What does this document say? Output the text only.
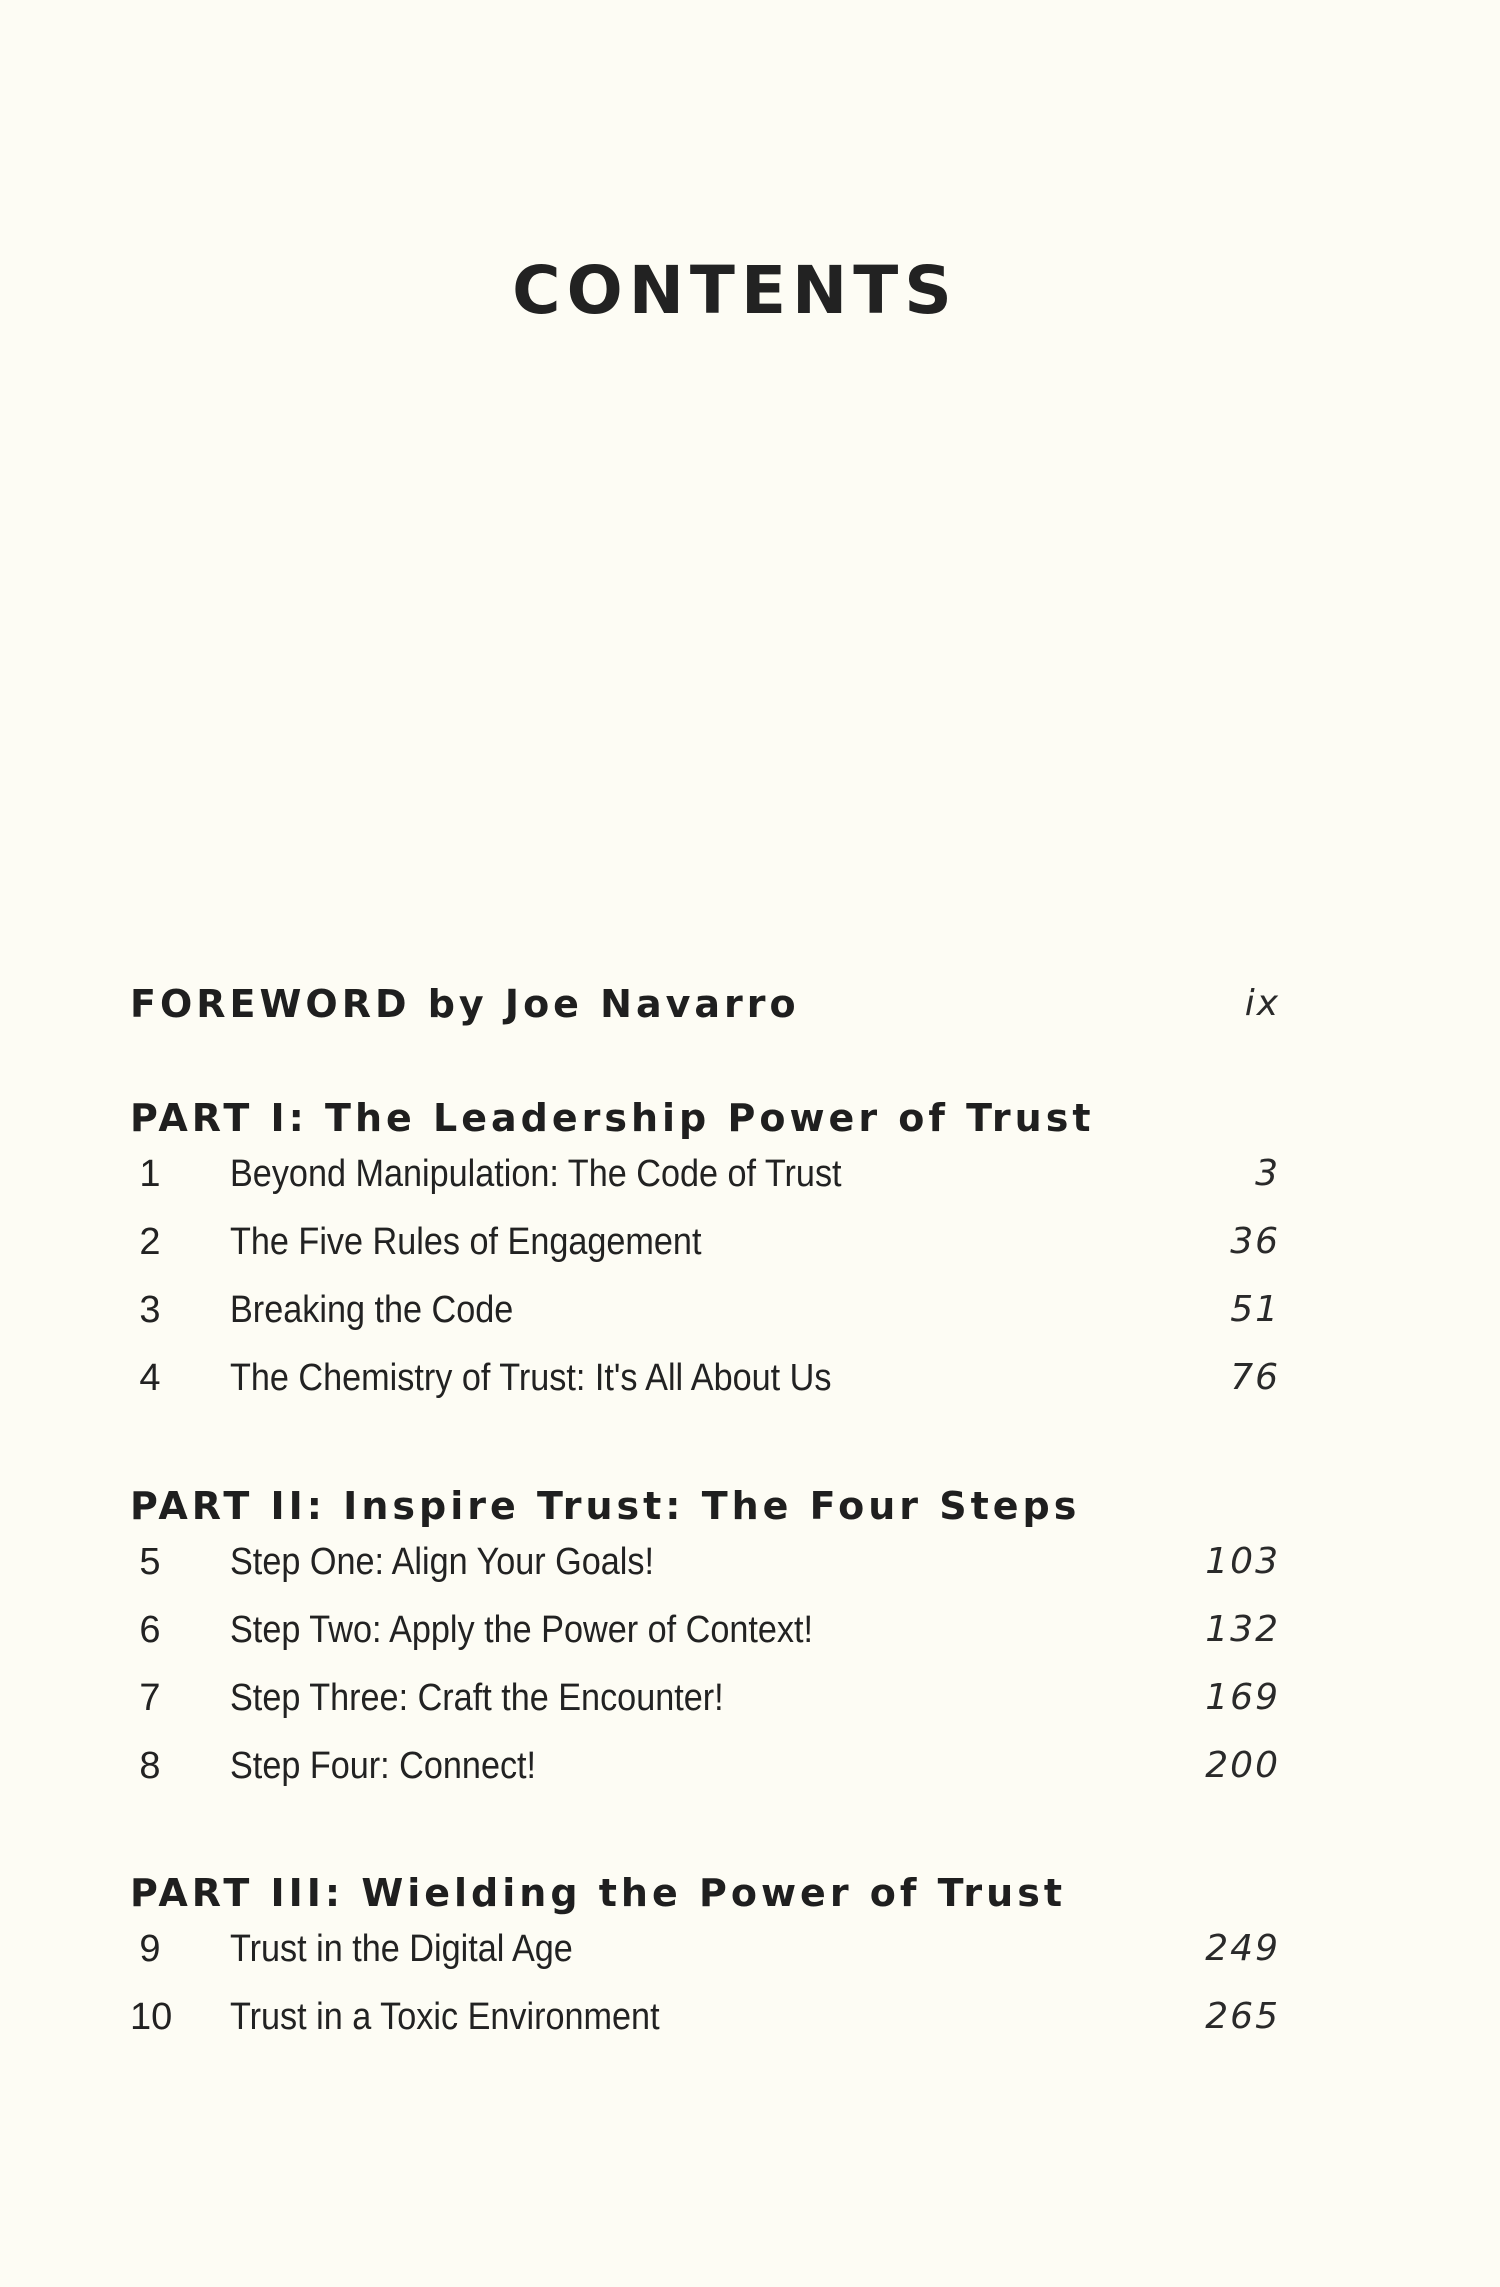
CONTENTS
FOREWORD by Joe Navarro	ix
PART I: The Leadership Power of Trust
1 Beyond Manipulation: The Code of Trust	3
2 The Five Rules of Engagement	36
3 Breaking the Code	51
4 The Chemistry of Trust: It's All About Us	76
PART II: Inspire Trust: The Four Steps
5 Step One: Align Your Goals!	103
6 Step Two: Apply the Power of Context!	132
7 Step Three: Craft the Encounter!	169
8 Step Four: Connect!	200
PART III: Wielding the Power of Trust
9 Trust in the Digital Age	249
10 Trust in a Toxic Environment	265
